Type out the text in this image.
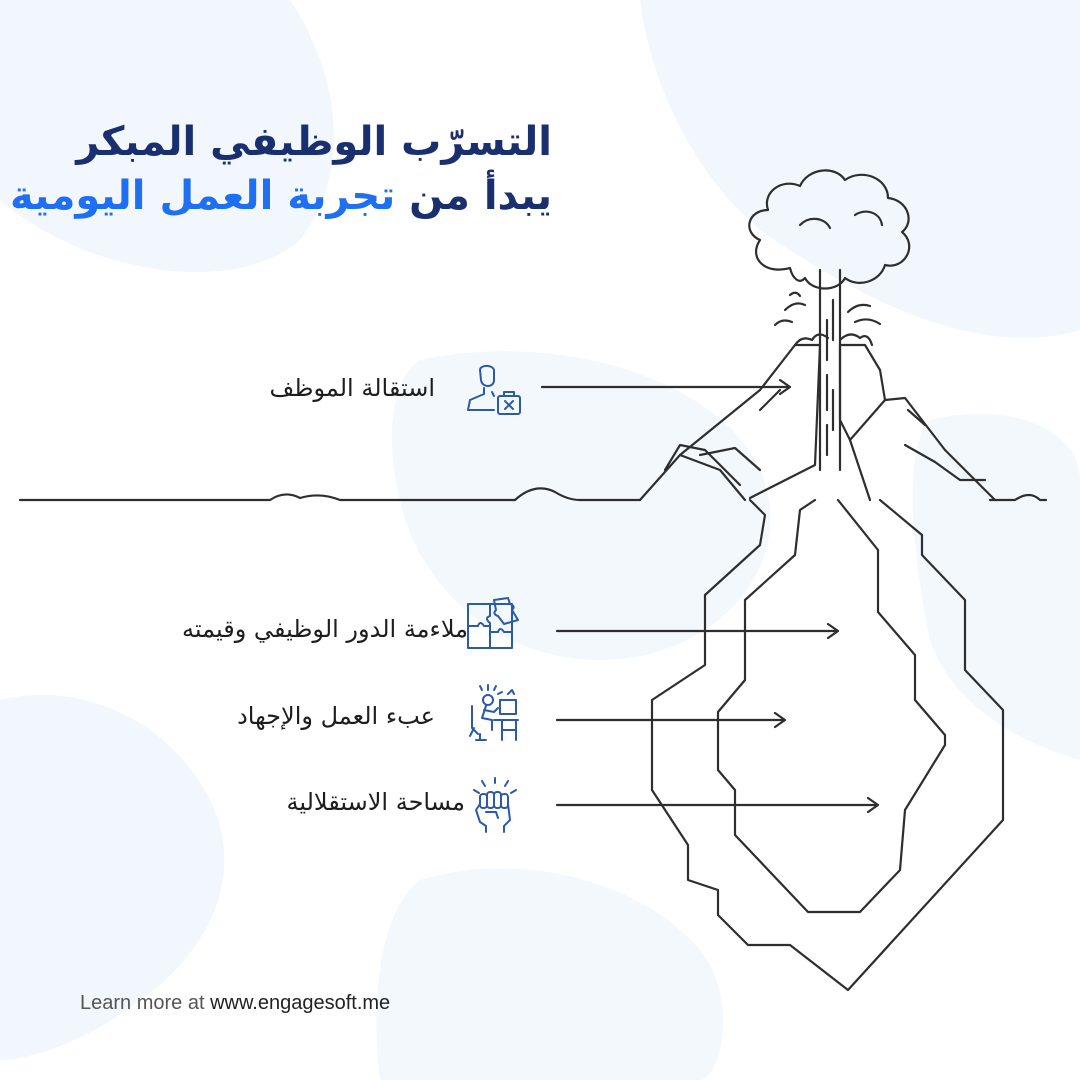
التسرّب الوظيفي المبكر
يبدأ من تجربة العمل اليومية
استقالة الموظف
ملاءمة الدور الوظيفي وقيمته
عبء العمل والإجهاد
مساحة الاستقلالية
Learn more at www.engagesoft.me
